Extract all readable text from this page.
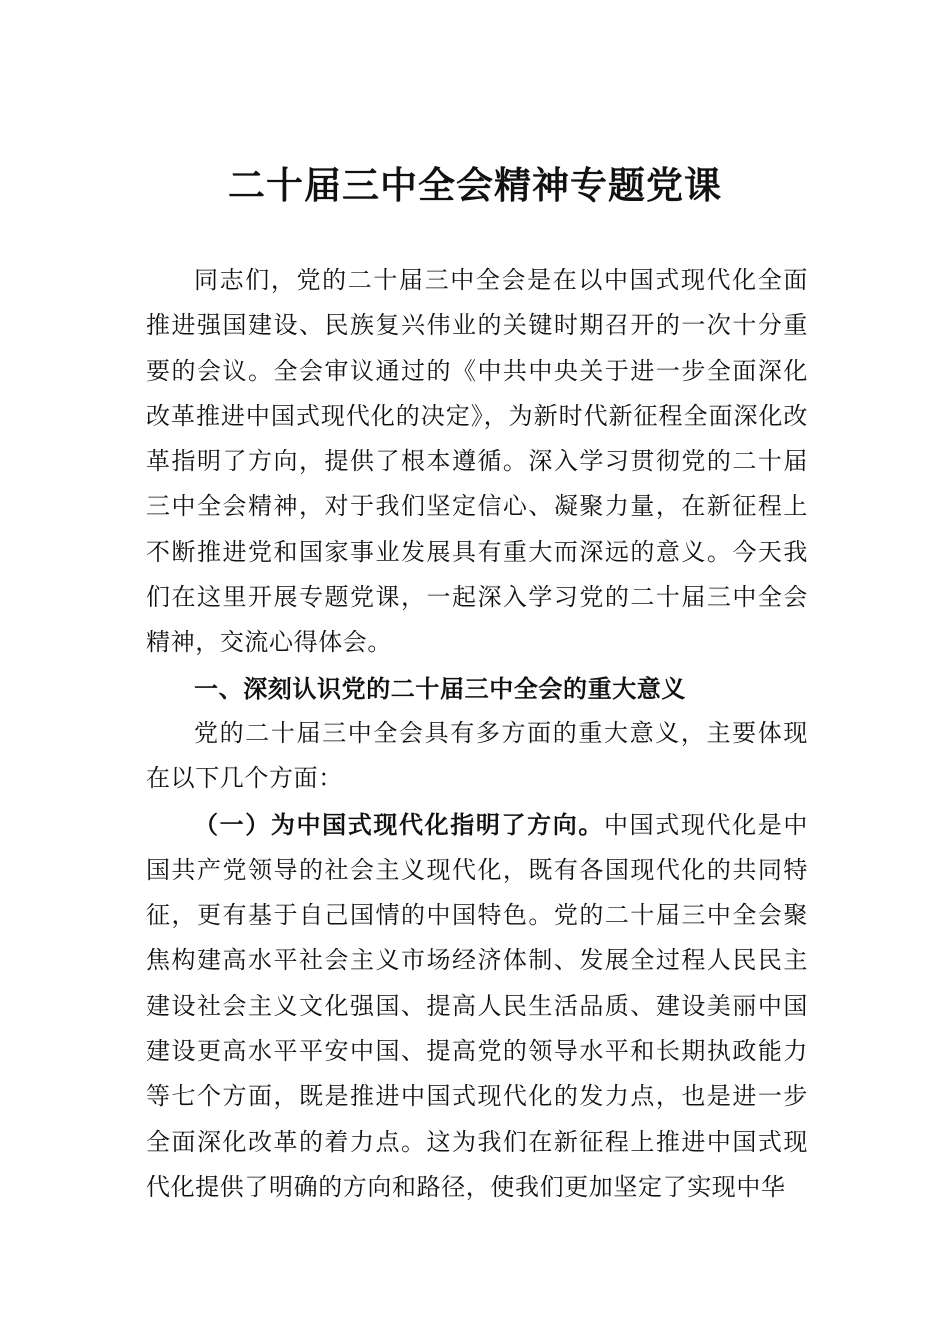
二十届三中全会精神专题党课

同志们，党的二十届三中全会是在以中国式现代化全面推进强国建设、民族复兴伟业的关键时期召开的一次十分重要的会议。全会审议通过的《中共中央关于进一步全面深化改革推进中国式现代化的决定》，为新时代新征程全面深化改革指明了方向，提供了根本遵循。深入学习贯彻党的二十届三中全会精神，对于我们坚定信心、凝聚力量，在新征程上不断推进党和国家事业发展具有重大而深远的意义。今天我们在这里开展专题党课，一起深入学习党的二十届三中全会精神，交流心得体会。

一、深刻认识党的二十届三中全会的重大意义

党的二十届三中全会具有多方面的重大意义，主要体现在以下几个方面：

（一）为中国式现代化指明了方向。中国式现代化是中国共产党领导的社会主义现代化，既有各国现代化的共同特征，更有基于自己国情的中国特色。党的二十届三中全会聚焦构建高水平社会主义市场经济体制、发展全过程人民民主建设社会主义文化强国、提高人民生活品质、建设美丽中国建设更高水平平安中国、提高党的领导水平和长期执政能力等七个方面，既是推进中国式现代化的发力点，也是进一步全面深化改革的着力点。这为我们在新征程上推进中国式现代化提供了明确的方向和路径，使我们更加坚定了实现中华
